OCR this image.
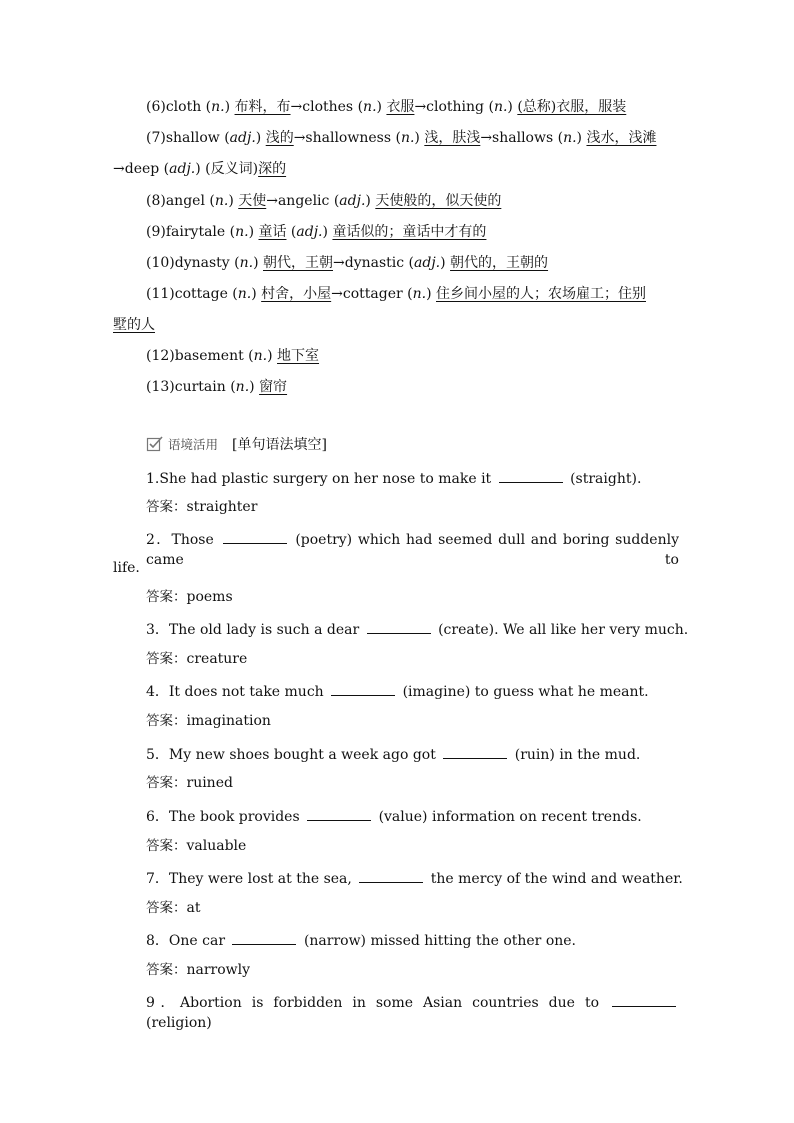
(6)cloth (n.) 布料，布→clothes (n.) 衣服→clothing (n.) (总称)衣服，服装
(7)shallow (adj.) 浅的→shallowness (n.) 浅，肤浅→shallows (n.) 浅水，浅滩
→deep (adj.) (反义词)深的
(8)angel (n.) 天使→angelic (adj.) 天使般的，似天使的
(9)fairytale (n.) 童话 (adj.) 童话似的；童话中才有的
(10)dynasty (n.) 朝代，王朝→dynastic (adj.) 朝代的，王朝的
(11)cottage (n.) 村舍，小屋→cottager (n.) 住乡间小屋的人；农场雇工；住别
墅的人
(12)basement (n.) 地下室
(13)curtain (n.) 窗帘
语境活用 [单句语法填空]
1.She had plastic surgery on her nose to make it	(straight).
答案：straighter
2．Those	(poetry) which had seemed dull and boring suddenly came to
life.
答案：poems
3．The old lady is such a dear	(create). We all like her very much.
答案：creature
4．It does not take much	(imagine) to guess what he meant.
答案：imagination
5．My new shoes bought a week ago got	(ruin) in the mud.
答案：ruined
6．The book provides	(value) information on recent trends.
答案：valuable
7．They were lost at the sea,	the mercy of the wind and weather.
答案：at
8．One car	(narrow) missed hitting the other one.
答案：narrowly
9．Abortion is forbidden in some Asian countries due to  (religion)
